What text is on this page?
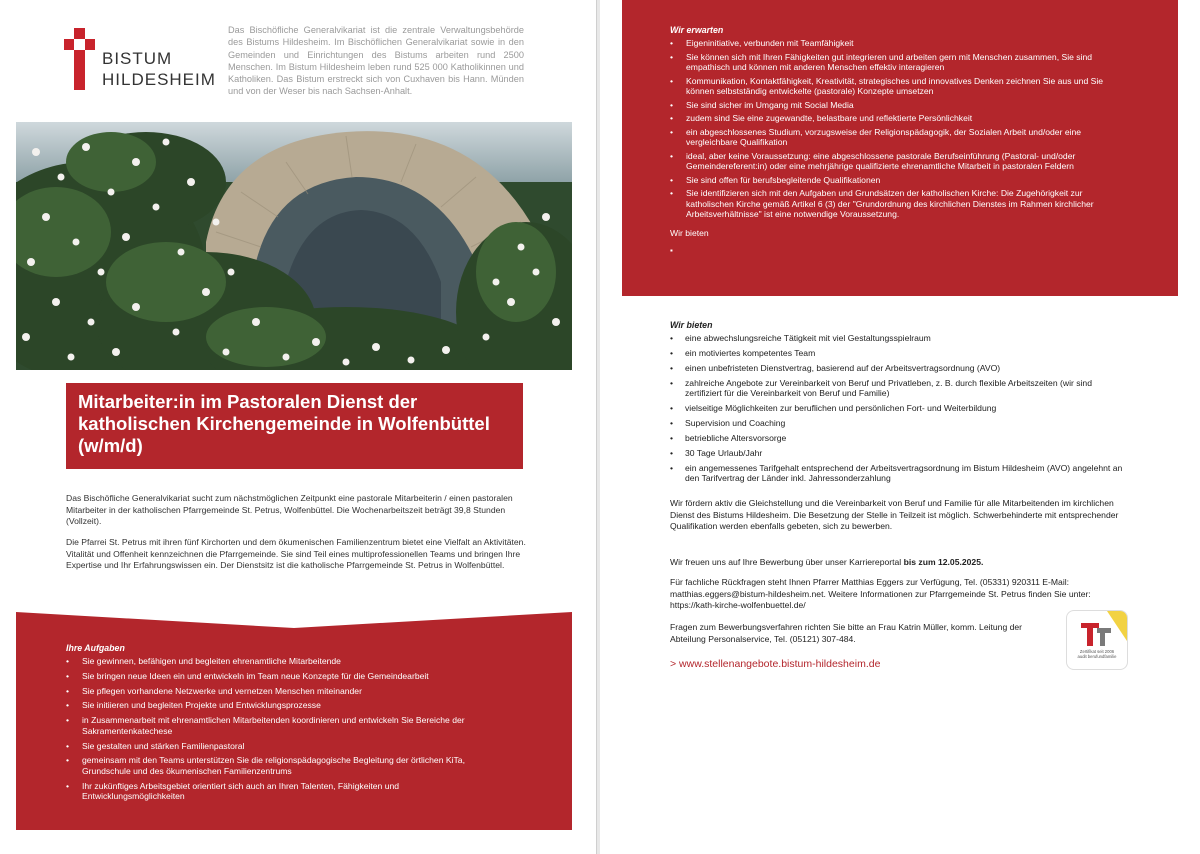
BISTUM
HILDESHEIM
Das Bischöfliche Generalvikariat ist die zentrale Verwaltungsbehörde des Bistums Hildesheim. Im Bischöflichen Generalvikariat sowie in den Gemeinden und Einrichtungen des Bistums arbeiten rund 2500 Menschen. Im Bistum Hildesheim leben rund 525 000 Katholikinnen und Katholiken. Das Bistum erstreckt sich von Cuxhaven bis Hann. Münden und von der Weser bis nach Sachsen-Anhalt.
Mitarbeiter:in im Pastoralen Dienst der katholischen Kirchengemeinde in Wolfenbüttel (w/m/d)

Das Bischöfliche Generalvikariat sucht zum nächstmöglichen Zeitpunkt eine pastorale Mitarbeiterin / einen pastoralen Mitarbeiter in der katholischen Pfarrgemeinde St. Petrus, Wolfenbüttel. Die Wochenarbeitszeit beträgt 39,8 Stunden (Vollzeit).

Die Pfarrei St. Petrus mit ihren fünf Kirchorten und dem ökumenischen Familienzentrum bietet eine Vielfalt an Aktivitäten. Vitalität und Offenheit kennzeichnen die Pfarrgemeinde. Sie sind Teil eines multiprofessionellen Teams und bringen Ihre Expertise und Ihr Erfahrungswissen ein. Der Dienstsitz ist die katholische Pfarrgemeinde St. Petrus in Wolfenbüttel.

Ihre Aufgaben
• Sie gewinnen, befähigen und begleiten ehrenamtliche Mitarbeitende
• Sie bringen neue Ideen ein und entwickeln im Team neue Konzepte für die Gemeindearbeit
• Sie pflegen vorhandene Netzwerke und vernetzen Menschen miteinander
• Sie initiieren und begleiten Projekte und Entwicklungsprozesse
• in Zusammenarbeit mit ehrenamtlichen Mitarbeitenden koordinieren und entwickeln Sie Bereiche der Sakramentenkatechese
• Sie gestalten und stärken Familienpastoral
• gemeinsam mit den Teams unterstützen Sie die religionspädagogische Begleitung der örtlichen KiTa, Grundschule und des ökumenischen Familienzentrums
• Ihr zukünftiges Arbeitsgebiet orientiert sich auch an Ihren Talenten, Fähigkeiten und Entwicklungsmöglichkeiten
Wir erwarten
• Eigeninitiative, verbunden mit Teamfähigkeit
• Sie können sich mit Ihren Fähigkeiten gut integrieren und arbeiten gern mit Menschen zusammen, Sie sind empathisch und können mit anderen Menschen effektiv interagieren
• Kommunikation, Kontaktfähigkeit, Kreativität, strategisches und innovatives Denken zeichnen Sie aus und Sie können selbstständig entwickelte (pastorale) Konzepte umsetzen
• Sie sind sicher im Umgang mit Social Media
• zudem sind Sie eine zugewandte, belastbare und reflektierte Persönlichkeit
• ein abgeschlossenes Studium, vorzugsweise der Religionspädagogik, der Sozialen Arbeit und/oder eine vergleichbare Qualifikation
• ideal, aber keine Voraussetzung: eine abgeschlossene pastorale Berufseinführung (Pastoral- und/oder Gemeindereferent:in) oder eine mehrjährige qualifizierte ehrenamtliche Mitarbeit in pastoralen Feldern
• Sie sind offen für berufsbegleitende Qualifikationen
• Sie identifizieren sich mit den Aufgaben und Grundsätzen der katholischen Kirche: Die Zugehörigkeit zur katholischen Kirche gemäß Artikel 6 (3) der "Grundordnung des kirchlichen Dienstes im Rahmen kirchlicher Arbeitsverhältnisse" ist eine notwendige Voraussetzung.
Wir bieten
▪
Wir bieten
• eine abwechslungsreiche Tätigkeit mit viel Gestaltungsspielraum
• ein motiviertes kompetentes Team
• einen unbefristeten Dienstvertrag, basierend auf der Arbeitsvertragsordnung (AVO)
• zahlreiche Angebote zur Vereinbarkeit von Beruf und Privatleben, z. B. durch flexible Arbeitszeiten (wir sind zertifiziert für die Vereinbarkeit von Beruf und Familie)
• vielseitige Möglichkeiten zur beruflichen und persönlichen Fort- und Weiterbildung
• Supervision und Coaching
• betriebliche Altersvorsorge
• 30 Tage Urlaub/Jahr
• ein angemessenes Tarifgehalt entsprechend der Arbeitsvertragsordnung im Bistum Hildesheim (AVO) angelehnt an den Tarifvertrag der Länder inkl. Jahressonderzahlung

Wir fördern aktiv die Gleichstellung und die Vereinbarkeit von Beruf und Familie für alle Mitarbeitenden im kirchlichen Dienst des Bistums Hildesheim. Die Besetzung der Stelle in Teilzeit ist möglich. Schwerbehinderte mit entsprechender Qualifikation werden ebenfalls gebeten, sich zu bewerben.

Wir freuen uns auf Ihre Bewerbung über unser Karriereportal bis zum 12.05.2025.

Für fachliche Rückfragen steht Ihnen Pfarrer Matthias Eggers zur Verfügung, Tel. (05331) 920311 E-Mail: matthias.eggers@bistum-hildesheim.net. Weitere Informationen zur Pfarrgemeinde St. Petrus finden Sie unter: https://kath-kirche-wolfenbuettel.de/

Fragen zum Bewerbungsverfahren richten Sie bitte an Frau Katrin Müller, komm. Leitung der Abteilung Personalservice, Tel. (05121) 307-484.

> www.stellenangebote.bistum-hildesheim.de
Zertifikat seit 2006
audit berufundfamilie
